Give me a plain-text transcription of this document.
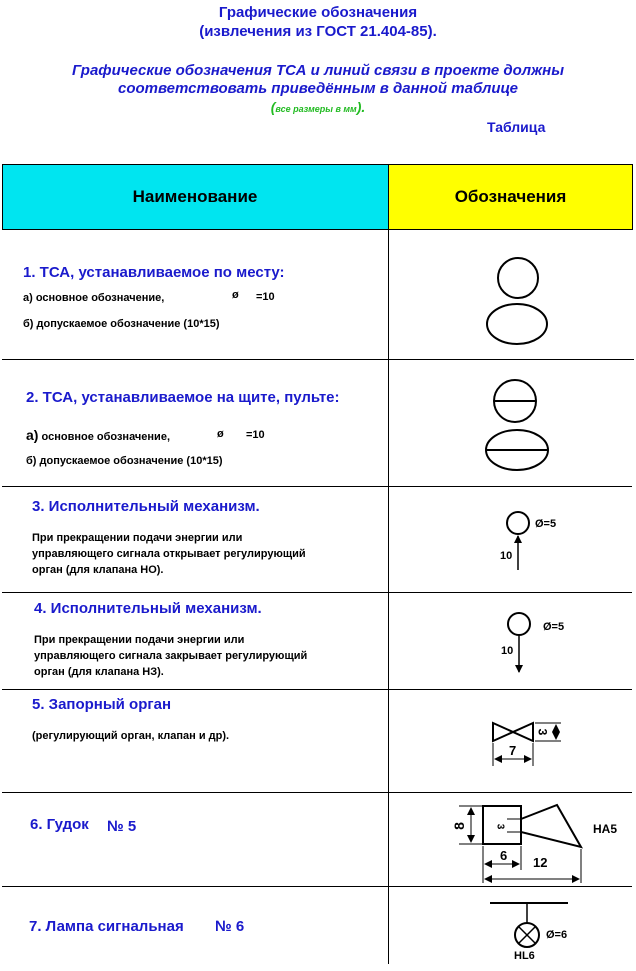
Графические обозначения
(извлечения из ГОСТ 21.404-85).
Графические обозначения ТСА и линий связи в проекте должны
соответствовать приведённым в данной таблице
(все размеры в мм).
Таблица
Наименование	Обозначения
1. ТСА, устанавливаемое по месту:
а) основное обозначение,	ø =10
б) допускаемое обозначение (10*15)
2. ТСА, устанавливаемое на щите, пульте:
а) основное обозначение,	ø =10
б) допускаемое обозначение (10*15)
3. Исполнительный механизм.
При прекращении подачи энергии или
управляющего сигнала открывает регулирующий
орган (для клапана НО).
Ø=5
10
4. Исполнительный механизм.
При прекращении подачи энергии или
управляющего сигнала закрывает регулирующий
орган (для клапана НЗ).
Ø=5
10
5. Запорный орган
(регулирующий орган, клапан и др).
7
3
6. Гудок № 5	8	3
6 12
НА5
7. Лампа сигнальная № 6	Ø=6
HL6
